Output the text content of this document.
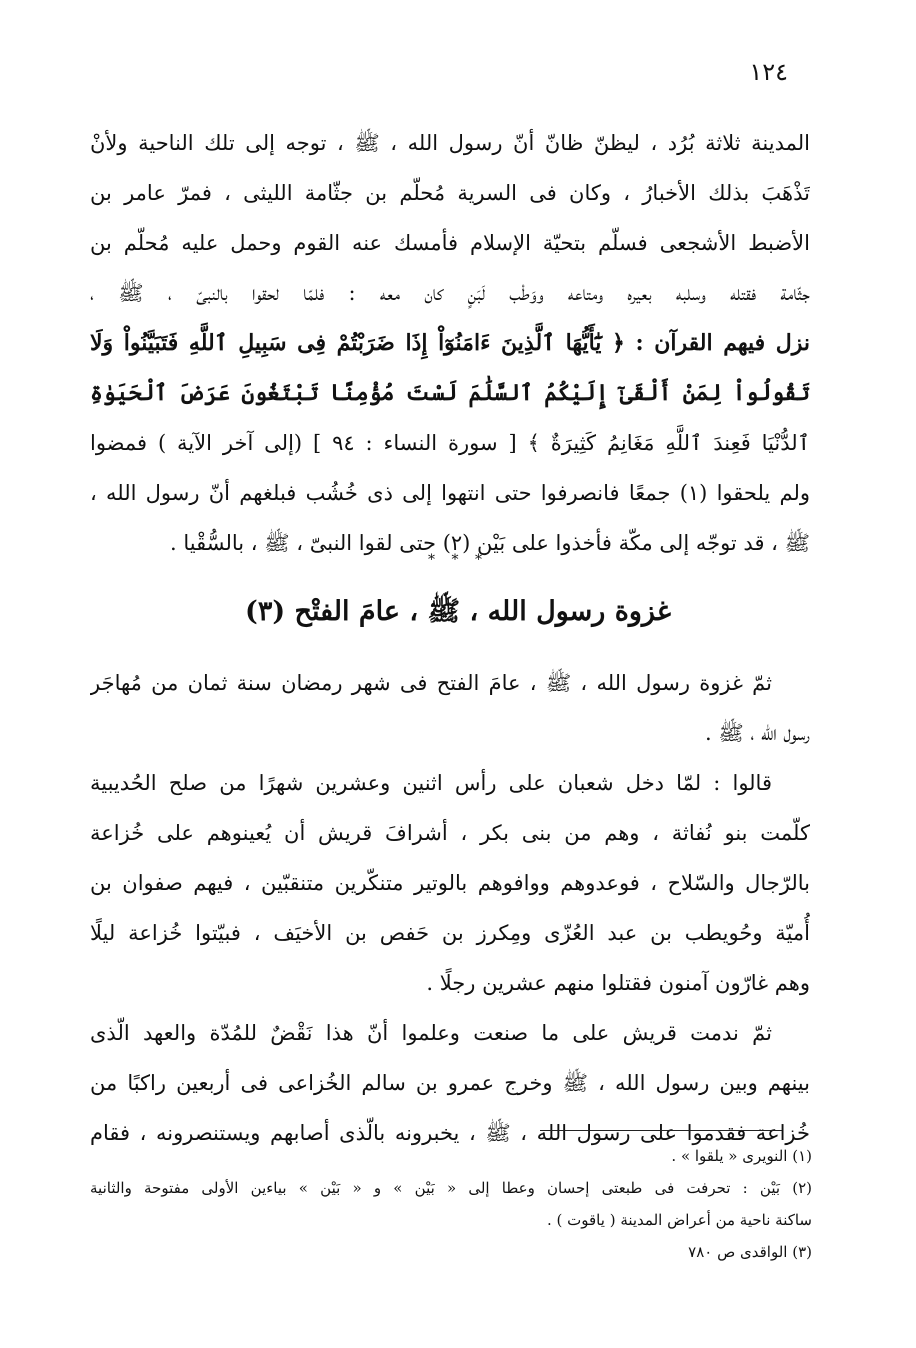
١٢٤
المدينة ثلاثة بُرُد ، ليظنّ ظانّ أنّ رسول الله ، ﷺ ، توجه إلى تلك الناحية ولأنْ
تَذْهَبَ بذلك الأخبارُ ، وكان فى السرية مُحلّم بن جثّامة الليثى ، فمرّ عامر بن
الأضبط الأشجعى فسلّم بتحيّة الإسلام فأمسك عنه القوم وحمل عليه مُحلّم بن
جثّامة فقتله وسلبه بعيره ومتاعه ووَطْب لَبَنٍ كان معه : فلمّا لحقوا بالنبىّ ، ﷺ ،
نزل فيهم القرآن : ﴿ يَٰٓأَيُّهَا ٱلَّذِينَ ءَامَنُوٓاْ إِذَا ضَرَبْتُمْ فِى سَبِيلِ ٱللَّهِ فَتَبَيَّنُواْ وَلَا
تَقُولُواْ لِمَنْ أَلْقَىٰٓ إِلَيْكُمُ ٱلسَّلَٰمَ لَسْتَ مُؤْمِنًا تَبْتَغُونَ عَرَضَ ٱلْحَيَوٰةِ
ٱلدُّنْيَا فَعِندَ ٱللَّهِ مَغَانِمُ كَثِيرَةٌ ﴾ [ سورة النساء : ٩٤ ] (إلى آخر الآية ) فمضوا
ولم يلحقوا (١) جمعًا فانصرفوا حتى انتهوا إلى ذى خُشُب فبلغهم أنّ رسول الله ،
ﷺ ، قد توجّه إلى مكّة فأخذوا على بَيْن (٢) حتى لقوا النبىّ ، ﷺ ، بالسُّقْيا .
* * *
غزوة رسول الله ، ﷺ ، عامَ الفتْح (٣)
ثمّ غزوة رسول الله ، ﷺ ، عامَ الفتح فى شهر رمضان سنة ثمان من مُهاجَر
رسول الله ، ﷺ .
قالوا : لمّا دخل شعبان على رأس اثنين وعشرين شهرًا من صلح الحُديبية
كلّمت بنو نُفاثة ، وهم من بنى بكر ، أشرافَ قريش أن يُعينوهم على خُزاعة
بالرّجال والسّلاح ، فوعدوهم ووافوهم بالوتير متنكّرين متنقبّين ، فيهم صفوان بن
أُميّة وحُويطب بن عبد العُزّى ومِكرز بن حَفص بن الأخيَف ، فبيّتوا خُزاعة ليلًا
وهم غارّون آمنون فقتلوا منهم عشرين رجلًا .
ثمّ ندمت قريش على ما صنعت وعلموا أنّ هذا نَقْضٌ للمُدّة والعهد الّذى
بينهم وبين رسول الله ، ﷺ وخرج عمرو بن سالم الخُزاعى فى أربعين راكبًا من
خُزاعة فقدموا على رسول الله ، ﷺ ، يخبرونه بالّذى أصابهم ويستنصرونه ، فقام
(١) النويرى « يلقوا » .
(٢) بَيْن : تحرفت فى طبعتى إحسان وعطا إلى « بَيْن » و « بَيْن » بياءين الأولى مفتوحة والثانية
ساكنة ناحية من أعراض المدينة ( ياقوت ) .
(٣) الواقدى ص ٧٨٠
